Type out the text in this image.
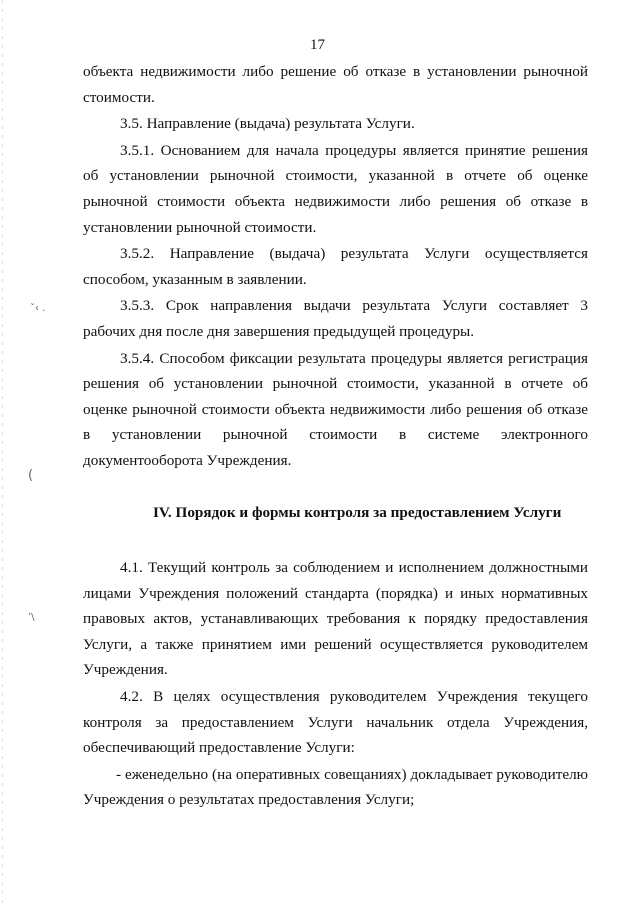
ˇ‹ .
(
ʼ\
17

объекта недвижимости либо решение об отказе в установлении рыночной стоимости.

3.5. Направление (выдача) результата Услуги.

3.5.1. Основанием для начала процедуры является принятие решения об установлении рыночной стоимости, указанной в отчете об оценке рыночной стоимости объекта недвижимости либо решения об отказе в установлении рыночной стоимости.

3.5.2. Направление (выдача) результата Услуги осуществляется способом, указанным в заявлении.

3.5.3. Срок направления выдачи результата Услуги составляет 3 рабочих дня после дня завершения предыдущей процедуры.

3.5.4. Способом фиксации результата процедуры является регистрация решения об установлении рыночной стоимости, указанной в отчете об оценке рыночной стоимости объекта недвижимости либо решения об отказе в установлении рыночной стоимости в системе электронного документооборота Учреждения.

IV. Порядок и формы контроля за предоставлением Услуги

4.1. Текущий контроль за соблюдением и исполнением должностными лицами Учреждения положений стандарта (порядка) и иных нормативных правовых актов, устанавливающих требования к порядку предоставления Услуги, а также принятием ими решений осуществляется руководителем Учреждения.

4.2. В целях осуществления руководителем Учреждения текущего контроля за предоставлением Услуги начальник отдела Учреждения, обеспечивающий предоставление Услуги:

- еженедельно (на оперативных совещаниях) докладывает руководителю Учреждения о результатах предоставления Услуги;
